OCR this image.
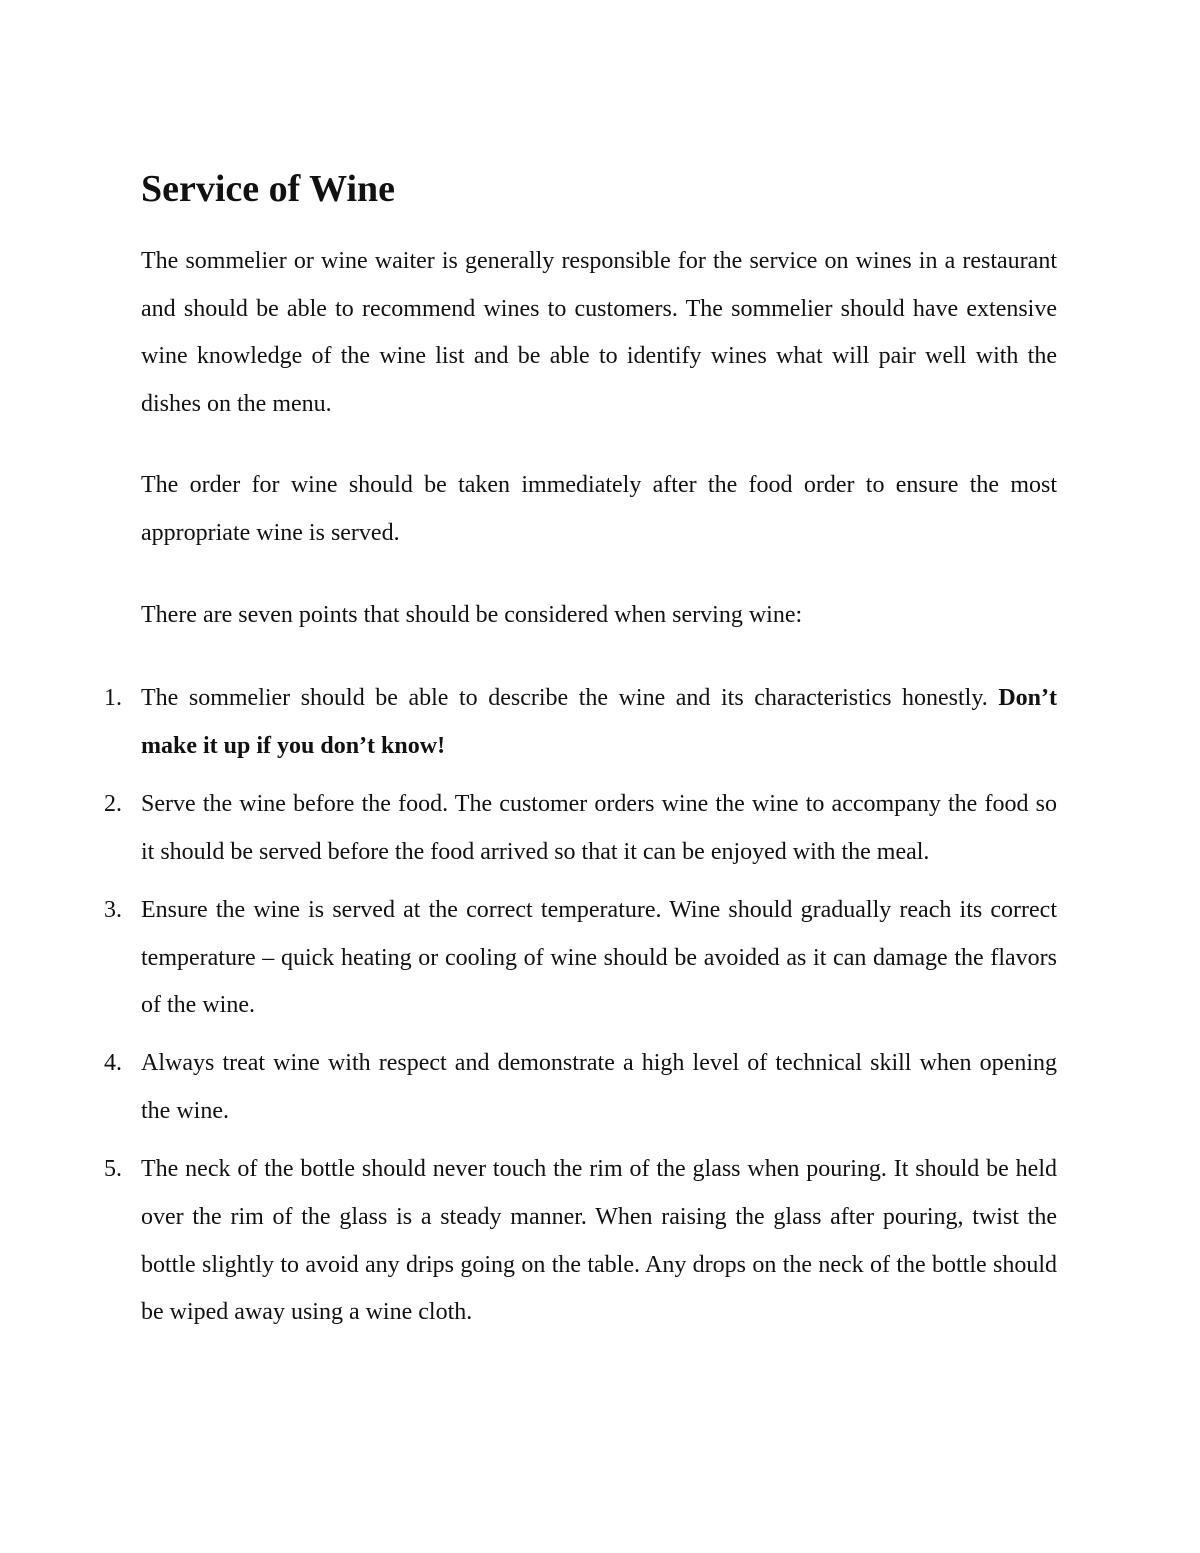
Service of Wine

The sommelier or wine waiter is generally responsible for the service on wines in a restaurant and should be able to recommend wines to customers. The sommelier should have extensive wine knowledge of the wine list and be able to identify wines what will pair well with the dishes on the menu.

The order for wine should be taken immediately after the food order to ensure the most appropriate wine is served.

There are seven points that should be considered when serving wine:

1. The sommelier should be able to describe the wine and its characteristics honestly. Don’t make it up if you don’t know!
2. Serve the wine before the food. The customer orders wine the wine to accompany the food so it should be served before the food arrived so that it can be enjoyed with the meal.
3. Ensure the wine is served at the correct temperature. Wine should gradually reach its correct temperature – quick heating or cooling of wine should be avoided as it can damage the flavors of the wine.
4. Always treat wine with respect and demonstrate a high level of technical skill when opening the wine.
5. The neck of the bottle should never touch the rim of the glass when pouring. It should be held over the rim of the glass is a steady manner. When raising the glass after pouring, twist the bottle slightly to avoid any drips going on the table. Any drops on the neck of the bottle should be wiped away using a wine cloth.
